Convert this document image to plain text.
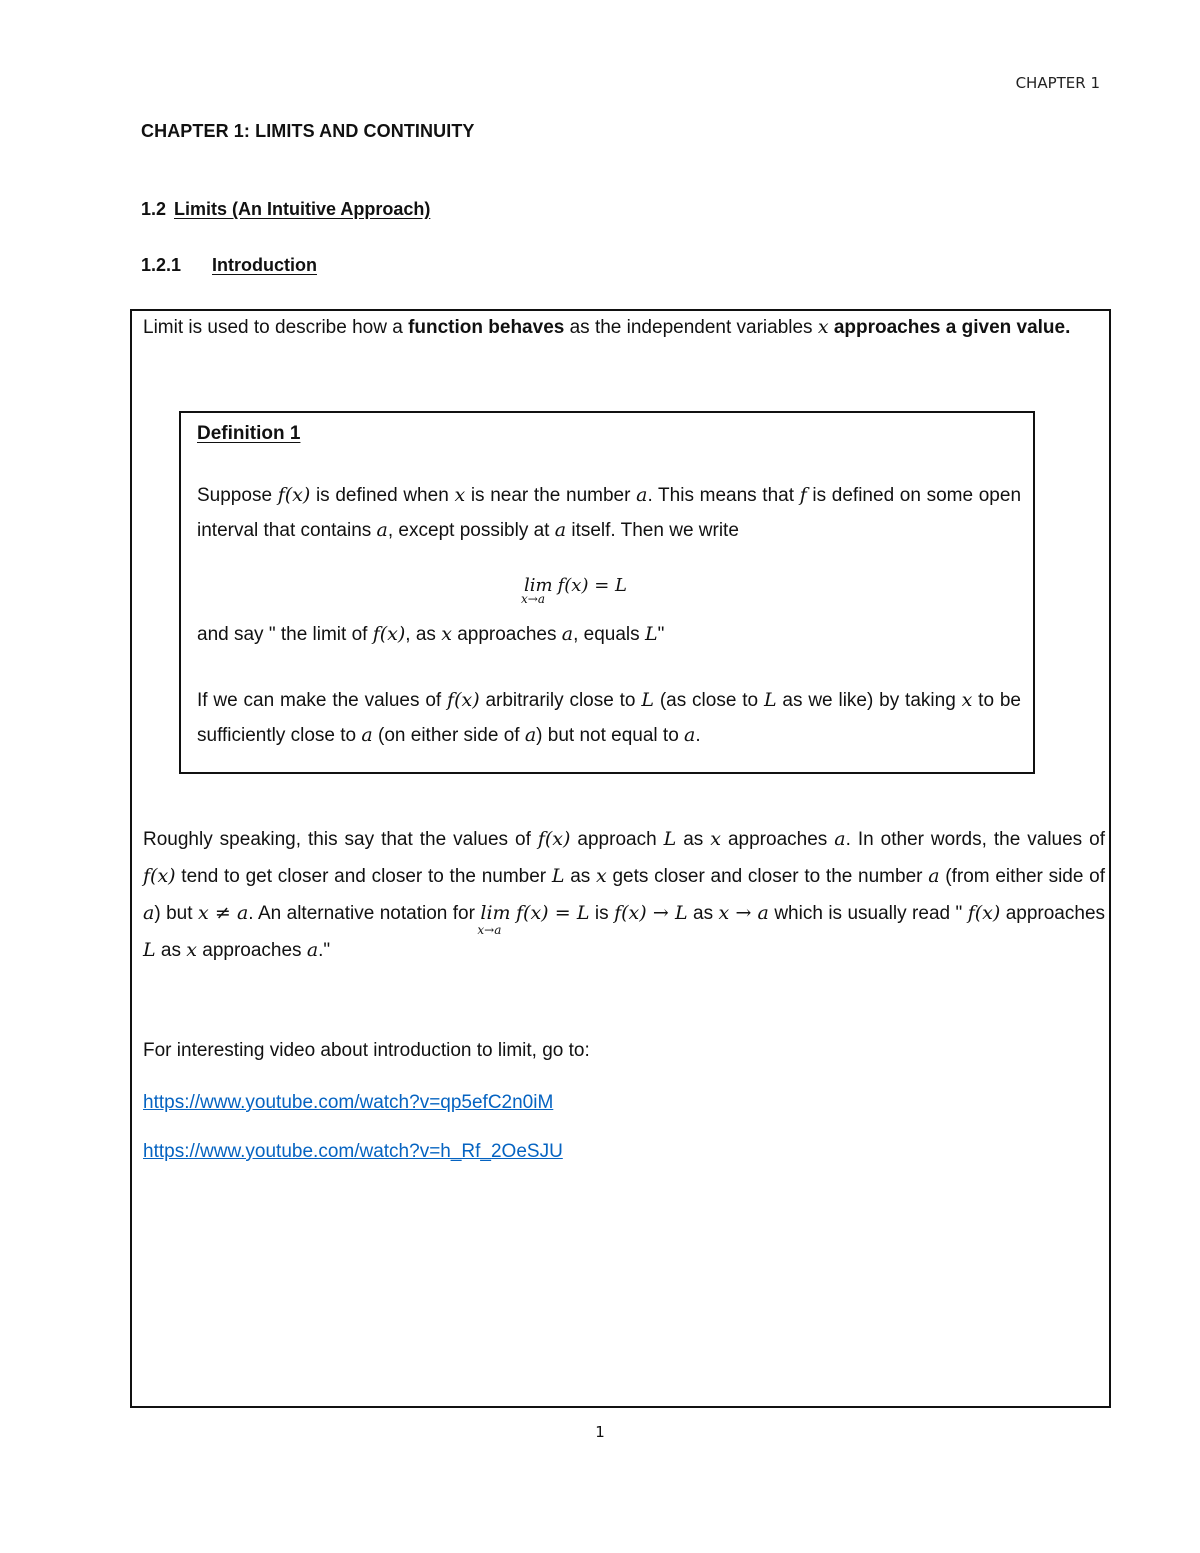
CHAPTER 1
CHAPTER 1: LIMITS AND CONTINUITY
1.2 Limits (An Intuitive Approach)
1.2.1 Introduction
Limit is used to describe how a function behaves as the independent variables x approaches a given value.
Definition 1
Suppose f(x) is defined when x is near the number a. This means that f is defined on some open interval that contains a, except possibly at a itself. Then we write
lim
x→a
f(x) = L
and say " the limit of f(x), as x approaches a, equals L"
If we can make the values of f(x) arbitrarily close to L (as close to L as we like) by taking x to be sufficiently close to a (on either side of a) but not equal to a.
Roughly speaking, this say that the values of f(x) approach L as x approaches a. In other words, the values of f(x) tend to get closer and closer to the number L as x gets closer and closer to the number a (from either side of a) but x ≠ a. An alternative notation for lim
x→a
f(x) = L is f(x) → L as x → a which is usually read " f(x) approaches L as x approaches a."
For interesting video about introduction to limit, go to:
https://www.youtube.com/watch?v=qp5efC2n0iM
https://www.youtube.com/watch?v=h_Rf_2OeSJU
1
